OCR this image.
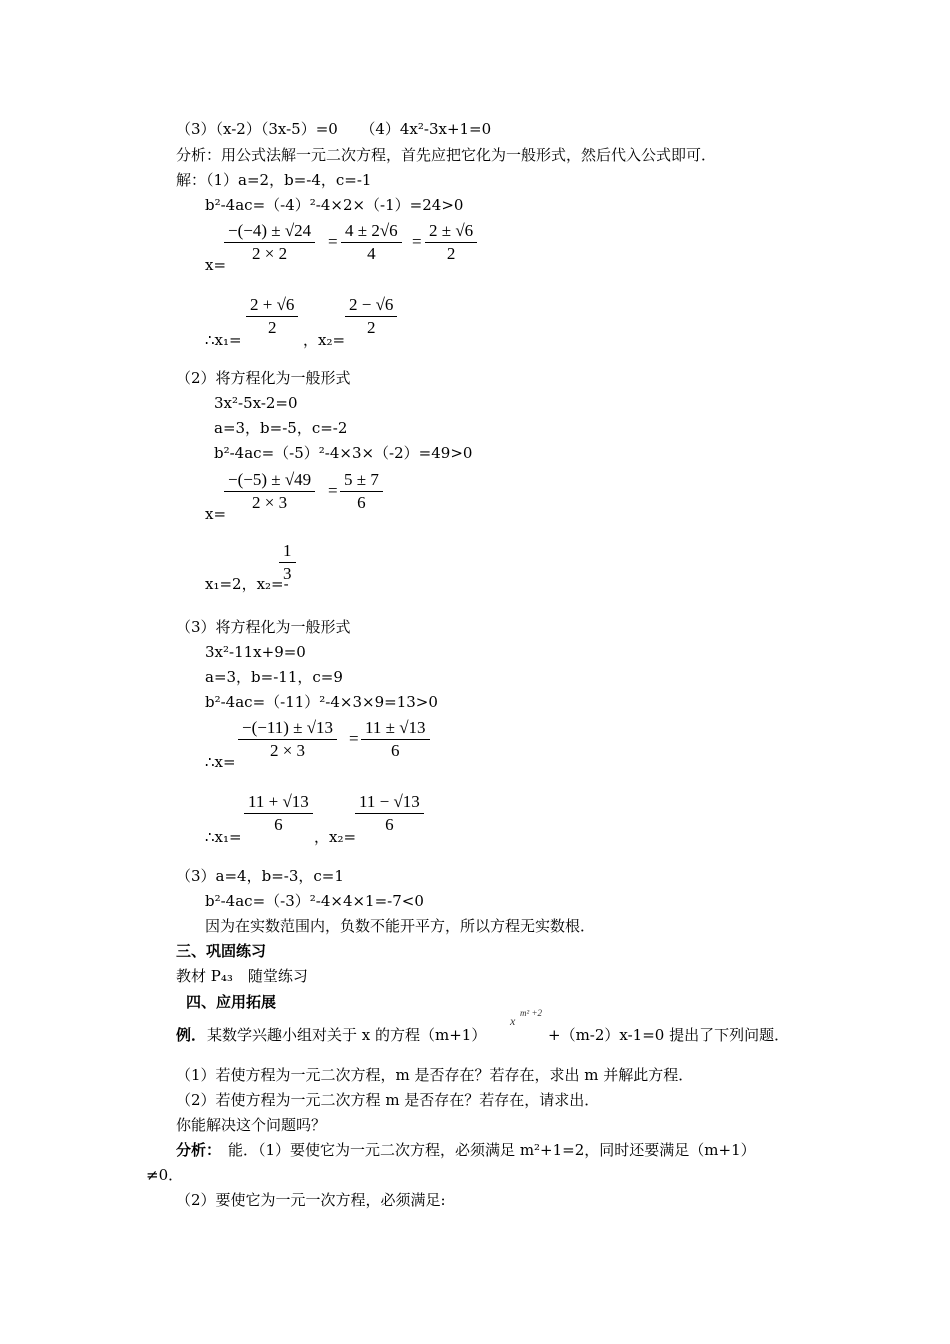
（3）（x-2）（3x-5）=0　　（4）4x²-3x+1=0
分析：用公式法解一元二次方程，首先应把它化为一般形式，然后代入公式即可．
解：（1）a=2，b=-4，c=-1
b²-4ac=（-4）²-4×2×（-1）=24>0
$\frac{-(-4) \pm √24}{2 \times 2} = \frac{4 \pm 2√6}{4} = \frac{2 \pm √6}{2}$
x=
$\frac{2 + √6}{2}$	$\frac{2 - √6}{2}$
∴x₁=	，x₂=
（2）将方程化为一般形式
3x²-5x-2=0
a=3，b=-5，c=-2
b²-4ac=（-5）²-4×3×（-2）=49>0
$\frac{-(-5) \pm √49}{2 \times 3} = \frac{5 \pm 7}{6}$
x=
$\frac{1}{3}$
x₁=2，x₂=-
（3）将方程化为一般形式
3x²-11x+9=0
a=3，b=-11，c=9
b²-4ac=（-11）²-4×3×9=13>0
$\frac{-(-11) \pm √13}{2 \times 3} = \frac{11 \pm √13}{6}$
∴x=
$\frac{11 + √13}{6} \frac{11 - √13}{6}$
∴x₁=	，x₂=
（3）a=4，b=-3，c=1
b²-4ac=（-3）²-4×4×1=-7<0
因为在实数范围内，负数不能开平方，所以方程无实数根．
三、巩固练习
教材 P₄₃　随堂练习
四、应用拓展
例． 某数学兴趣小组对关于 x 的方程（m+1）
x
m² +2
+（m-2）x-1=0 提出了下列问题．
（1）若使方程为一元二次方程，m 是否存在？若存在，求出 m 并解此方程．
（2）若使方程为一元二次方程 m 是否存在？若存在，请求出．
你能解决这个问题吗？
分析： 能．（1）要使它为一元二次方程，必须满足 m²+1=2，同时还要满足（m+1）
≠0．
（2）要使它为一元一次方程，必须满足:
